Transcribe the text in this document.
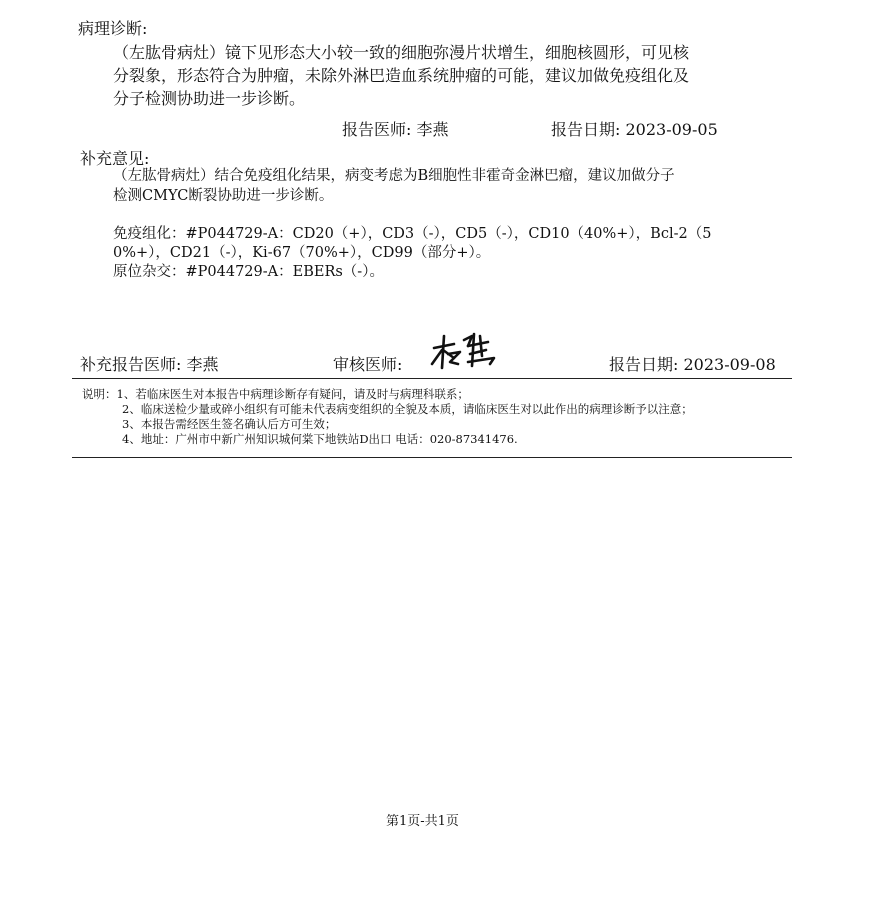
病理诊断:
（左肱骨病灶）镜下见形态大小较一致的细胞弥漫片状增生，细胞核圆形，可见核
分裂象，形态符合为肿瘤，未除外淋巴造血系统肿瘤的可能，建议加做免疫组化及
分子检测协助进一步诊断。
报告医师: 李燕	报告日期: 2023-09-05
补充意见:
（左肱骨病灶）结合免疫组化结果，病变考虑为B细胞性非霍奇金淋巴瘤，建议加做分子
检测CMYC断裂协助进一步诊断。
免疫组化：#P044729-A：CD20（+），CD3（-），CD5（-），CD10（40%+），Bcl-2（5
0%+），CD21（-），Ki-67（70%+），CD99（部分+）。
原位杂交：#P044729-A：EBERs（-）。
补充报告医师: 李燕	审核医师:	报告日期: 2023-09-08
说明：1、若临床医生对本报告中病理诊断存有疑问，请及时与病理科联系；
2、临床送检少量或碎小组织有可能未代表病变组织的全貌及本质，请临床医生对以此作出的病理诊断予以注意；
3、本报告需经医生签名确认后方可生效；
4、地址：广州市中新广州知识城何棠下地铁站D出口 电话：020-87341476.
第1页-共1页
